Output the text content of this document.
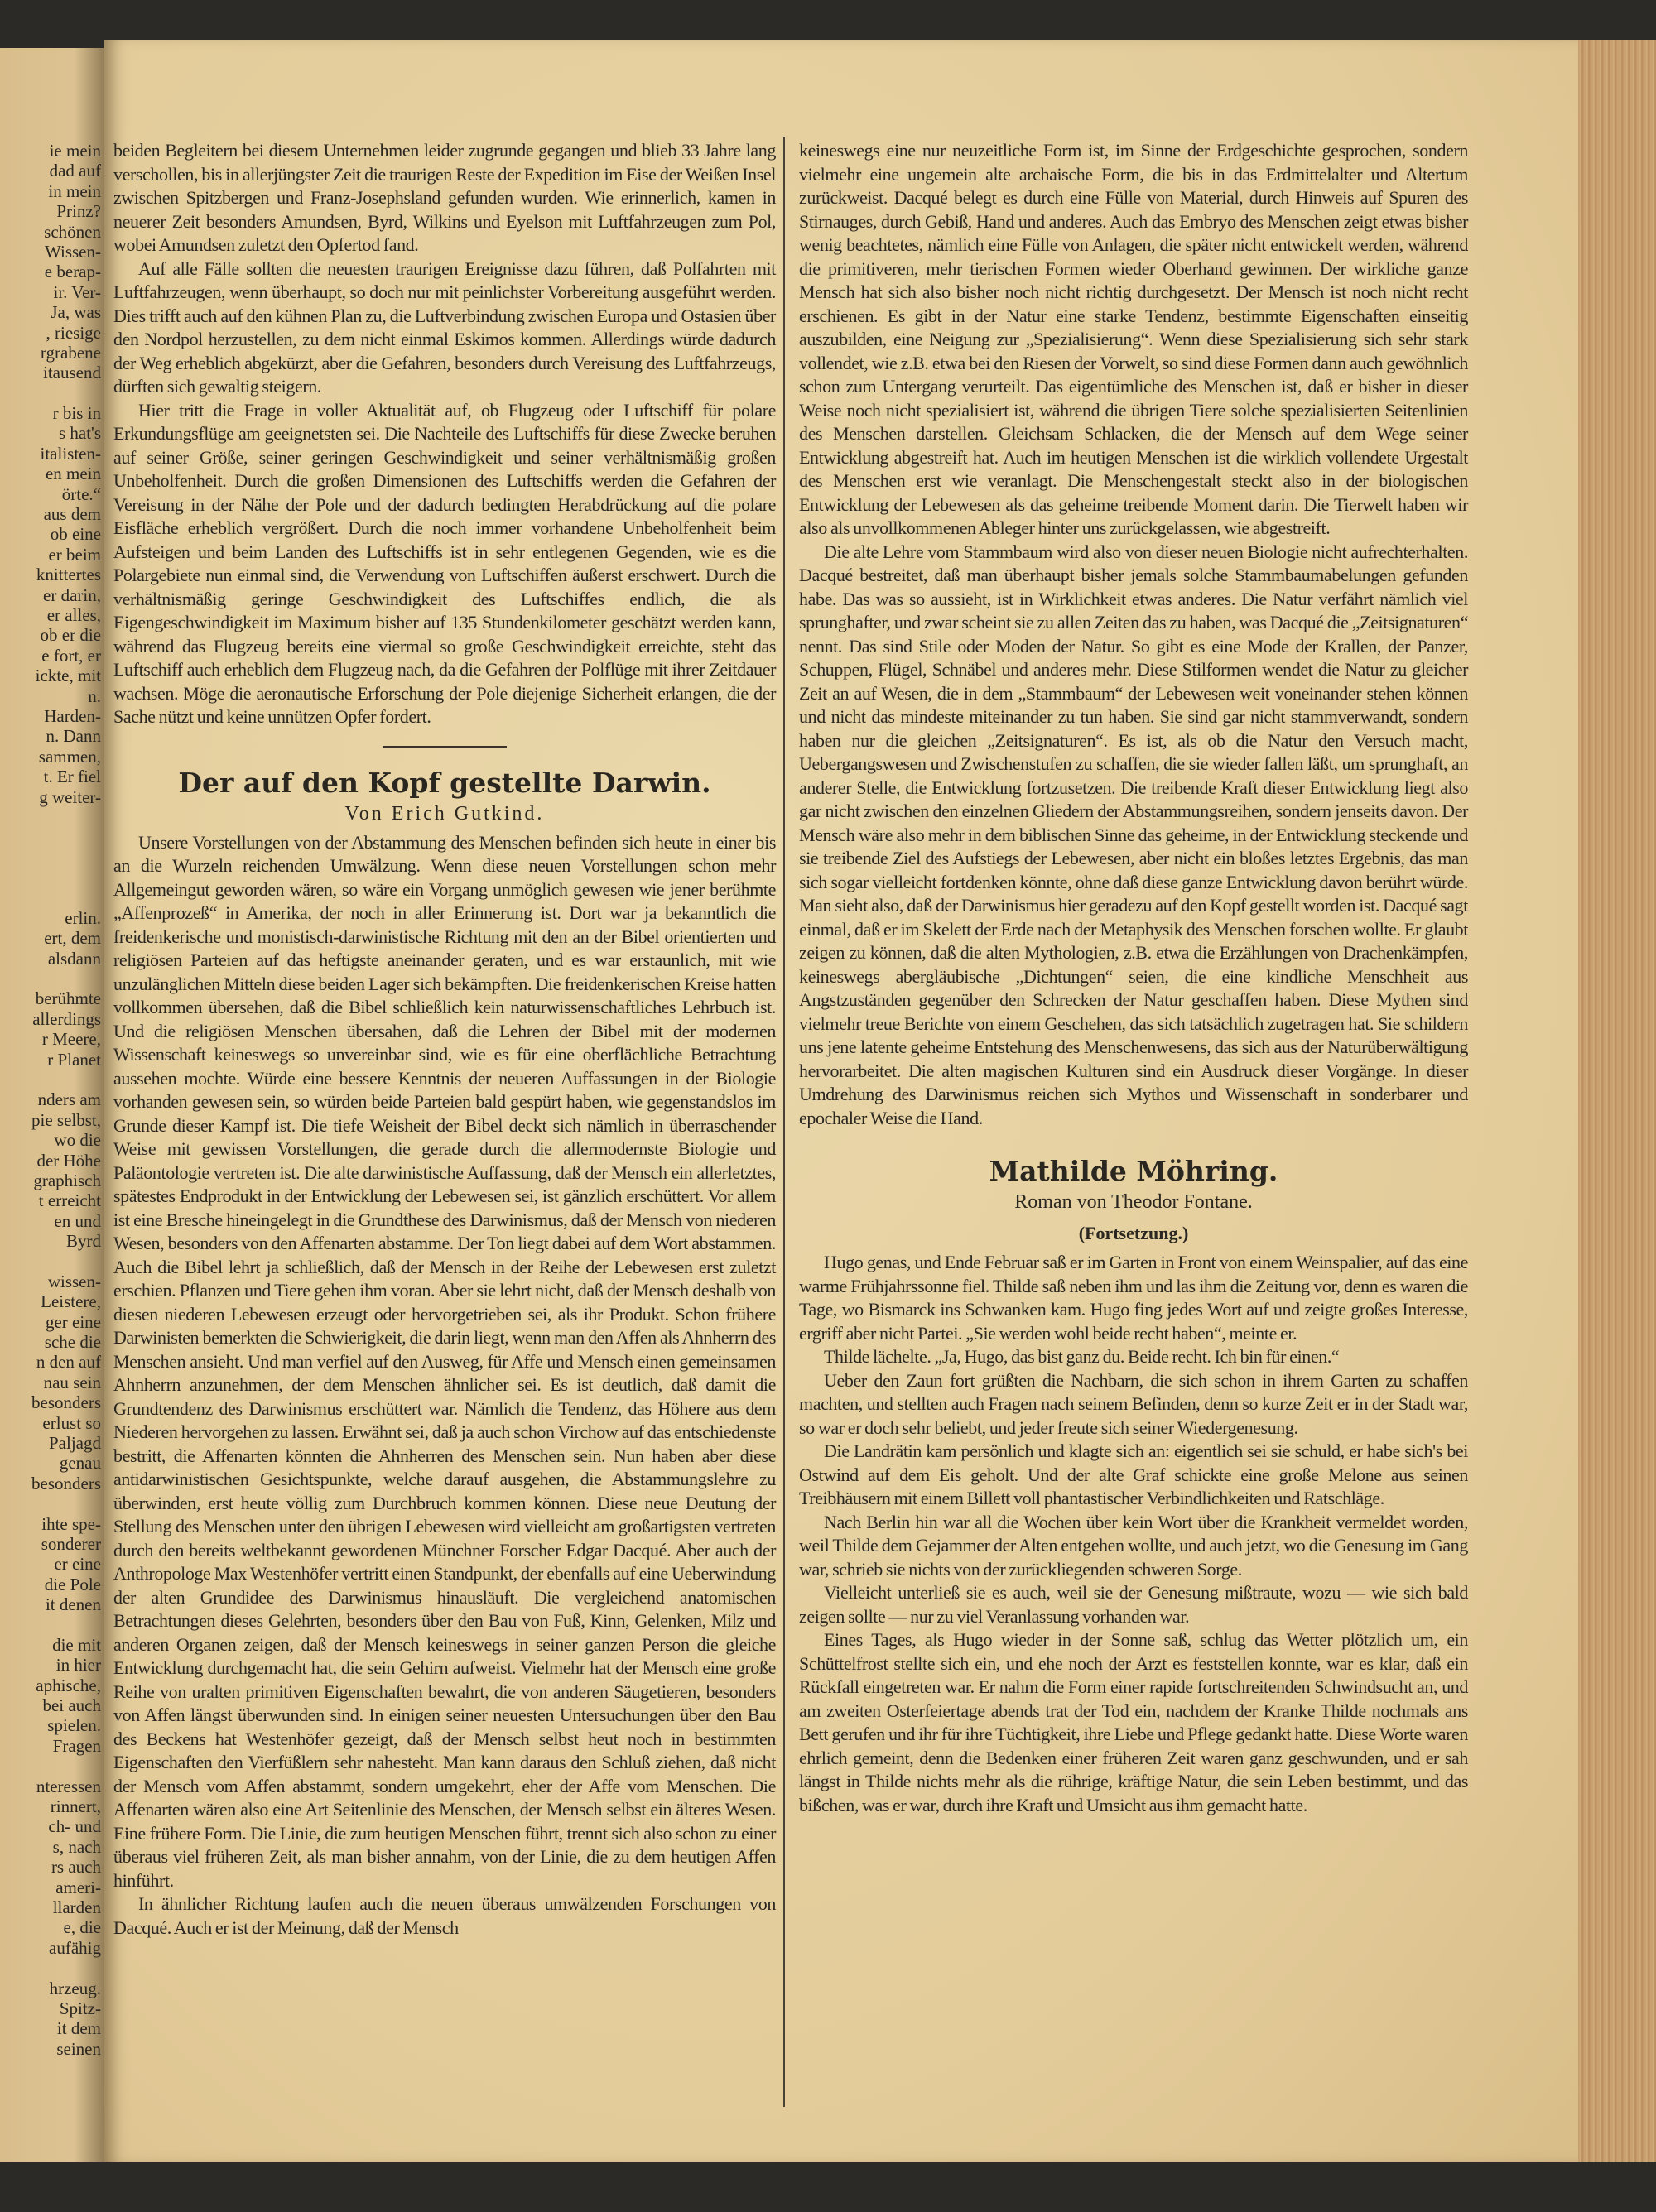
ie mein
dad auf
in mein
Prinz?
schönen
Wissen-
e berap-
ir. Ver-
Ja, was
, riesige
rgrabene
itausend
r bis in
s hat's
italisten-
en mein
örte.“
aus dem
ob eine
er beim
knittertes
er darin,
er alles,
ob er die
e fort, er
ickte, mit
n.
Harden-
n. Dann
sammen,
t. Er fiel
g weiter-
erlin.
ert, dem
alsdann
berühmte
allerdings
r Meere,
r Planet
nders am
pie selbst,
wo die
der Höhe
graphisch
t erreicht
en und
Byrd
wissen-
Leistere,
ger eine
sche die
n den auf
nau sein
besonders
erlust so
Paljagd
genau
besonders
ihte spe-
sonderer
er eine
die Pole
it denen
die mit
in hier
aphische,
bei auch
spielen.
Fragen
nteressen
rinnert,
ch- und
s, nach
rs auch
ameri-
llarden
e, die
aufähig
hrzeug.
Spitz-
it dem
seinen

beiden Begleitern bei diesem Unternehmen leider zugrunde gegangen und blieb 33 Jahre lang verschollen, bis in allerjüngster Zeit die traurigen Reste der Expedition im Eise der Weißen Insel zwischen Spitzbergen und Franz-Josephsland gefunden wurden. Wie erinnerlich, kamen in neuerer Zeit besonders Amundsen, Byrd, Wilkins und Eyelson mit Luftfahrzeugen zum Pol, wobei Amundsen zuletzt den Opfertod fand.

Auf alle Fälle sollten die neuesten traurigen Ereignisse dazu führen, daß Polfahrten mit Luftfahrzeugen, wenn überhaupt, so doch nur mit peinlichster Vorbereitung ausgeführt werden. Dies trifft auch auf den kühnen Plan zu, die Luftverbindung zwischen Europa und Ostasien über den Nordpol herzustellen, zu dem nicht einmal Eskimos kommen. Allerdings würde dadurch der Weg erheblich abgekürzt, aber die Gefahren, besonders durch Vereisung des Luftfahrzeugs, dürften sich gewaltig steigern.

Hier tritt die Frage in voller Aktualität auf, ob Flugzeug oder Luftschiff für polare Erkundungsflüge am geeignetsten sei. Die Nachteile des Luftschiffs für diese Zwecke beruhen auf seiner Größe, seiner geringen Geschwindigkeit und seiner verhältnismäßig großen Unbeholfenheit. Durch die großen Dimensionen des Luftschiffs werden die Gefahren der Vereisung in der Nähe der Pole und der dadurch bedingten Herabdrückung auf die polare Eisfläche erheblich vergrößert. Durch die noch immer vorhandene Unbeholfenheit beim Aufsteigen und beim Landen des Luftschiffs ist in sehr entlegenen Gegenden, wie es die Polargebiete nun einmal sind, die Verwendung von Luftschiffen äußerst erschwert. Durch die verhältnismäßig geringe Geschwindigkeit des Luftschiffes endlich, die als Eigengeschwindigkeit im Maximum bisher auf 135 Stundenkilometer geschätzt werden kann, während das Flugzeug bereits eine viermal so große Geschwindigkeit erreichte, steht das Luftschiff auch erheblich dem Flugzeug nach, da die Gefahren der Polflüge mit ihrer Zeitdauer wachsen. Möge die aeronautische Erforschung der Pole diejenige Sicherheit erlangen, die der Sache nützt und keine unnützen Opfer fordert.

Der auf den Kopf gestellte Darwin.
Von Erich Gutkind.

Unsere Vorstellungen von der Abstammung des Menschen befinden sich heute in einer bis an die Wurzeln reichenden Umwälzung. Wenn diese neuen Vorstellungen schon mehr Allgemeingut geworden wären, so wäre ein Vorgang unmöglich gewesen wie jener berühmte „Affenprozeß“ in Amerika, der noch in aller Erinnerung ist. Dort war ja bekanntlich die freidenkerische und monistisch-darwinistische Richtung mit den an der Bibel orientierten und religiösen Parteien auf das heftigste aneinander geraten, und es war erstaunlich, mit wie unzulänglichen Mitteln diese beiden Lager sich bekämpften. Die freidenkerischen Kreise hatten vollkommen übersehen, daß die Bibel schließlich kein naturwissenschaftliches Lehrbuch ist. Und die religiösen Menschen übersahen, daß die Lehren der Bibel mit der modernen Wissenschaft keineswegs so unvereinbar sind, wie es für eine oberflächliche Betrachtung aussehen mochte. Würde eine bessere Kenntnis der neueren Auffassungen in der Biologie vorhanden gewesen sein, so würden beide Parteien bald gespürt haben, wie gegenstandslos im Grunde dieser Kampf ist. Die tiefe Weisheit der Bibel deckt sich nämlich in überraschender Weise mit gewissen Vorstellungen, die gerade durch die allermodernste Biologie und Paläontologie vertreten ist. Die alte darwinistische Auffassung, daß der Mensch ein allerletztes, spätestes Endprodukt in der Entwicklung der Lebewesen sei, ist gänzlich erschüttert. Vor allem ist eine Bresche hineingelegt in die Grundthese des Darwinismus, daß der Mensch von niederen Wesen, besonders von den Affenarten abstamme. Der Ton liegt dabei auf dem Wort abstammen. Auch die Bibel lehrt ja schließlich, daß der Mensch in der Reihe der Lebewesen erst zuletzt erschien. Pflanzen und Tiere gehen ihm voran. Aber sie lehrt nicht, daß der Mensch deshalb von diesen niederen Lebewesen erzeugt oder hervorgetrieben sei, als ihr Produkt. Schon frühere Darwinisten bemerkten die Schwierigkeit, die darin liegt, wenn man den Affen als Ahnherrn des Menschen ansieht. Und man verfiel auf den Ausweg, für Affe und Mensch einen gemeinsamen Ahnherrn anzunehmen, der dem Menschen ähnlicher sei. Es ist deutlich, daß damit die Grundtendenz des Darwinismus erschüttert war. Nämlich die Tendenz, das Höhere aus dem Niederen hervorgehen zu lassen. Erwähnt sei, daß ja auch schon Virchow auf das entschiedenste bestritt, die Affenarten könnten die Ahnherren des Menschen sein. Nun haben aber diese antidarwinistischen Gesichtspunkte, welche darauf ausgehen, die Abstammungslehre zu überwinden, erst heute völlig zum Durchbruch kommen können. Diese neue Deutung der Stellung des Menschen unter den übrigen Lebewesen wird vielleicht am großartigsten vertreten durch den bereits weltbekannt gewordenen Münchner Forscher Edgar Dacqué. Aber auch der Anthropologe Max Westenhöfer vertritt einen Standpunkt, der ebenfalls auf eine Ueberwindung der alten Grundidee des Darwinismus hinausläuft. Die vergleichend anatomischen Betrachtungen dieses Gelehrten, besonders über den Bau von Fuß, Kinn, Gelenken, Milz und anderen Organen zeigen, daß der Mensch keineswegs in seiner ganzen Person die gleiche Entwicklung durchgemacht hat, die sein Gehirn aufweist. Vielmehr hat der Mensch eine große Reihe von uralten primitiven Eigenschaften bewahrt, die von anderen Säugetieren, besonders von Affen längst überwunden sind. In einigen seiner neuesten Untersuchungen über den Bau des Beckens hat Westenhöfer gezeigt, daß der Mensch selbst heut noch in bestimmten Eigenschaften den Vierfüßlern sehr nahesteht. Man kann daraus den Schluß ziehen, daß nicht der Mensch vom Affen abstammt, sondern umgekehrt, eher der Affe vom Menschen. Die Affenarten wären also eine Art Seitenlinie des Menschen, der Mensch selbst ein älteres Wesen. Eine frühere Form. Die Linie, die zum heutigen Menschen führt, trennt sich also schon zu einer überaus viel früheren Zeit, als man bisher annahm, von der Linie, die zu dem heutigen Affen hinführt.

In ähnlicher Richtung laufen auch die neuen überaus umwälzenden Forschungen von Dacqué. Auch er ist der Meinung, daß der Mensch

keineswegs eine nur neuzeitliche Form ist, im Sinne der Erdgeschichte gesprochen, sondern vielmehr eine ungemein alte archaische Form, die bis in das Erdmittelalter und Altertum zurückweist. Dacqué belegt es durch eine Fülle von Material, durch Hinweis auf Spuren des Stirnauges, durch Gebiß, Hand und anderes. Auch das Embryo des Menschen zeigt etwas bisher wenig beachtetes, nämlich eine Fülle von Anlagen, die später nicht entwickelt werden, während die primitiveren, mehr tierischen Formen wieder Oberhand gewinnen. Der wirkliche ganze Mensch hat sich also bisher noch nicht richtig durchgesetzt. Der Mensch ist noch nicht recht erschienen. Es gibt in der Natur eine starke Tendenz, bestimmte Eigenschaften einseitig auszubilden, eine Neigung zur „Spezialisierung“. Wenn diese Spezialisierung sich sehr stark vollendet, wie z.B. etwa bei den Riesen der Vorwelt, so sind diese Formen dann auch gewöhnlich schon zum Untergang verurteilt. Das eigentümliche des Menschen ist, daß er bisher in dieser Weise noch nicht spezialisiert ist, während die übrigen Tiere solche spezialisierten Seitenlinien des Menschen darstellen. Gleichsam Schlacken, die der Mensch auf dem Wege seiner Entwicklung abgestreift hat. Auch im heutigen Menschen ist die wirklich vollendete Urgestalt des Menschen erst wie veranlagt. Die Menschengestalt steckt also in der biologischen Entwicklung der Lebewesen als das geheime treibende Moment darin. Die Tierwelt haben wir also als unvollkommenen Ableger hinter uns zurückgelassen, wie abgestreift.

Die alte Lehre vom Stammbaum wird also von dieser neuen Biologie nicht aufrechterhalten. Dacqué bestreitet, daß man überhaupt bisher jemals solche Stammbaumabelungen gefunden habe. Das was so aussieht, ist in Wirklichkeit etwas anderes. Die Natur verfährt nämlich viel sprunghafter, und zwar scheint sie zu allen Zeiten das zu haben, was Dacqué die „Zeitsignaturen“ nennt. Das sind Stile oder Moden der Natur. So gibt es eine Mode der Krallen, der Panzer, Schuppen, Flügel, Schnäbel und anderes mehr. Diese Stilformen wendet die Natur zu gleicher Zeit an auf Wesen, die in dem „Stammbaum“ der Lebewesen weit voneinander stehen können und nicht das mindeste miteinander zu tun haben. Sie sind gar nicht stammverwandt, sondern haben nur die gleichen „Zeitsignaturen“. Es ist, als ob die Natur den Versuch macht, Uebergangswesen und Zwischenstufen zu schaffen, die sie wieder fallen läßt, um sprunghaft, an anderer Stelle, die Entwicklung fortzusetzen. Die treibende Kraft dieser Entwicklung liegt also gar nicht zwischen den einzelnen Gliedern der Abstammungsreihen, sondern jenseits davon. Der Mensch wäre also mehr in dem biblischen Sinne das geheime, in der Entwicklung steckende und sie treibende Ziel des Aufstiegs der Lebewesen, aber nicht ein bloßes letztes Ergebnis, das man sich sogar vielleicht fortdenken könnte, ohne daß diese ganze Entwicklung davon berührt würde. Man sieht also, daß der Darwinismus hier geradezu auf den Kopf gestellt worden ist. Dacqué sagt einmal, daß er im Skelett der Erde nach der Metaphysik des Menschen forschen wollte. Er glaubt zeigen zu können, daß die alten Mythologien, z.B. etwa die Erzählungen von Drachenkämpfen, keineswegs abergläubische „Dichtungen“ seien, die eine kindliche Menschheit aus Angstzuständen gegenüber den Schrecken der Natur geschaffen haben. Diese Mythen sind vielmehr treue Berichte von einem Geschehen, das sich tatsächlich zugetragen hat. Sie schildern uns jene latente geheime Entstehung des Menschenwesens, das sich aus der Naturüberwältigung hervorarbeitet. Die alten magischen Kulturen sind ein Ausdruck dieser Vorgänge. In dieser Umdrehung des Darwinismus reichen sich Mythos und Wissenschaft in sonderbarer und epochaler Weise die Hand.

Mathilde Möhring.
Roman von Theodor Fontane.
(Fortsetzung.)

Hugo genas, und Ende Februar saß er im Garten in Front von einem Weinspalier, auf das eine warme Frühjahrssonne fiel. Thilde saß neben ihm und las ihm die Zeitung vor, denn es waren die Tage, wo Bismarck ins Schwanken kam. Hugo fing jedes Wort auf und zeigte großes Interesse, ergriff aber nicht Partei. „Sie werden wohl beide recht haben“, meinte er.

Thilde lächelte. „Ja, Hugo, das bist ganz du. Beide recht. Ich bin für einen.“

Ueber den Zaun fort grüßten die Nachbarn, die sich schon in ihrem Garten zu schaffen machten, und stellten auch Fragen nach seinem Befinden, denn so kurze Zeit er in der Stadt war, so war er doch sehr beliebt, und jeder freute sich seiner Wiedergenesung.

Die Landrätin kam persönlich und klagte sich an: eigentlich sei sie schuld, er habe sich's bei Ostwind auf dem Eis geholt. Und der alte Graf schickte eine große Melone aus seinen Treibhäusern mit einem Billett voll phantastischer Verbindlichkeiten und Ratschläge.

Nach Berlin hin war all die Wochen über kein Wort über die Krankheit vermeldet worden, weil Thilde dem Gejammer der Alten entgehen wollte, und auch jetzt, wo die Genesung im Gang war, schrieb sie nichts von der zurückliegenden schweren Sorge.

Vielleicht unterließ sie es auch, weil sie der Genesung mißtraute, wozu — wie sich bald zeigen sollte — nur zu viel Veranlassung vorhanden war.

Eines Tages, als Hugo wieder in der Sonne saß, schlug das Wetter plötzlich um, ein Schüttelfrost stellte sich ein, und ehe noch der Arzt es feststellen konnte, war es klar, daß ein Rückfall eingetreten war. Er nahm die Form einer rapide fortschreitenden Schwindsucht an, und am zweiten Osterfeiertage abends trat der Tod ein, nachdem der Kranke Thilde nochmals ans Bett gerufen und ihr für ihre Tüchtigkeit, ihre Liebe und Pflege gedankt hatte. Diese Worte waren ehrlich gemeint, denn die Bedenken einer früheren Zeit waren ganz geschwunden, und er sah längst in Thilde nichts mehr als die rührige, kräftige Natur, die sein Leben bestimmt, und das bißchen, was er war, durch ihre Kraft und Umsicht aus ihm gemacht hatte.
